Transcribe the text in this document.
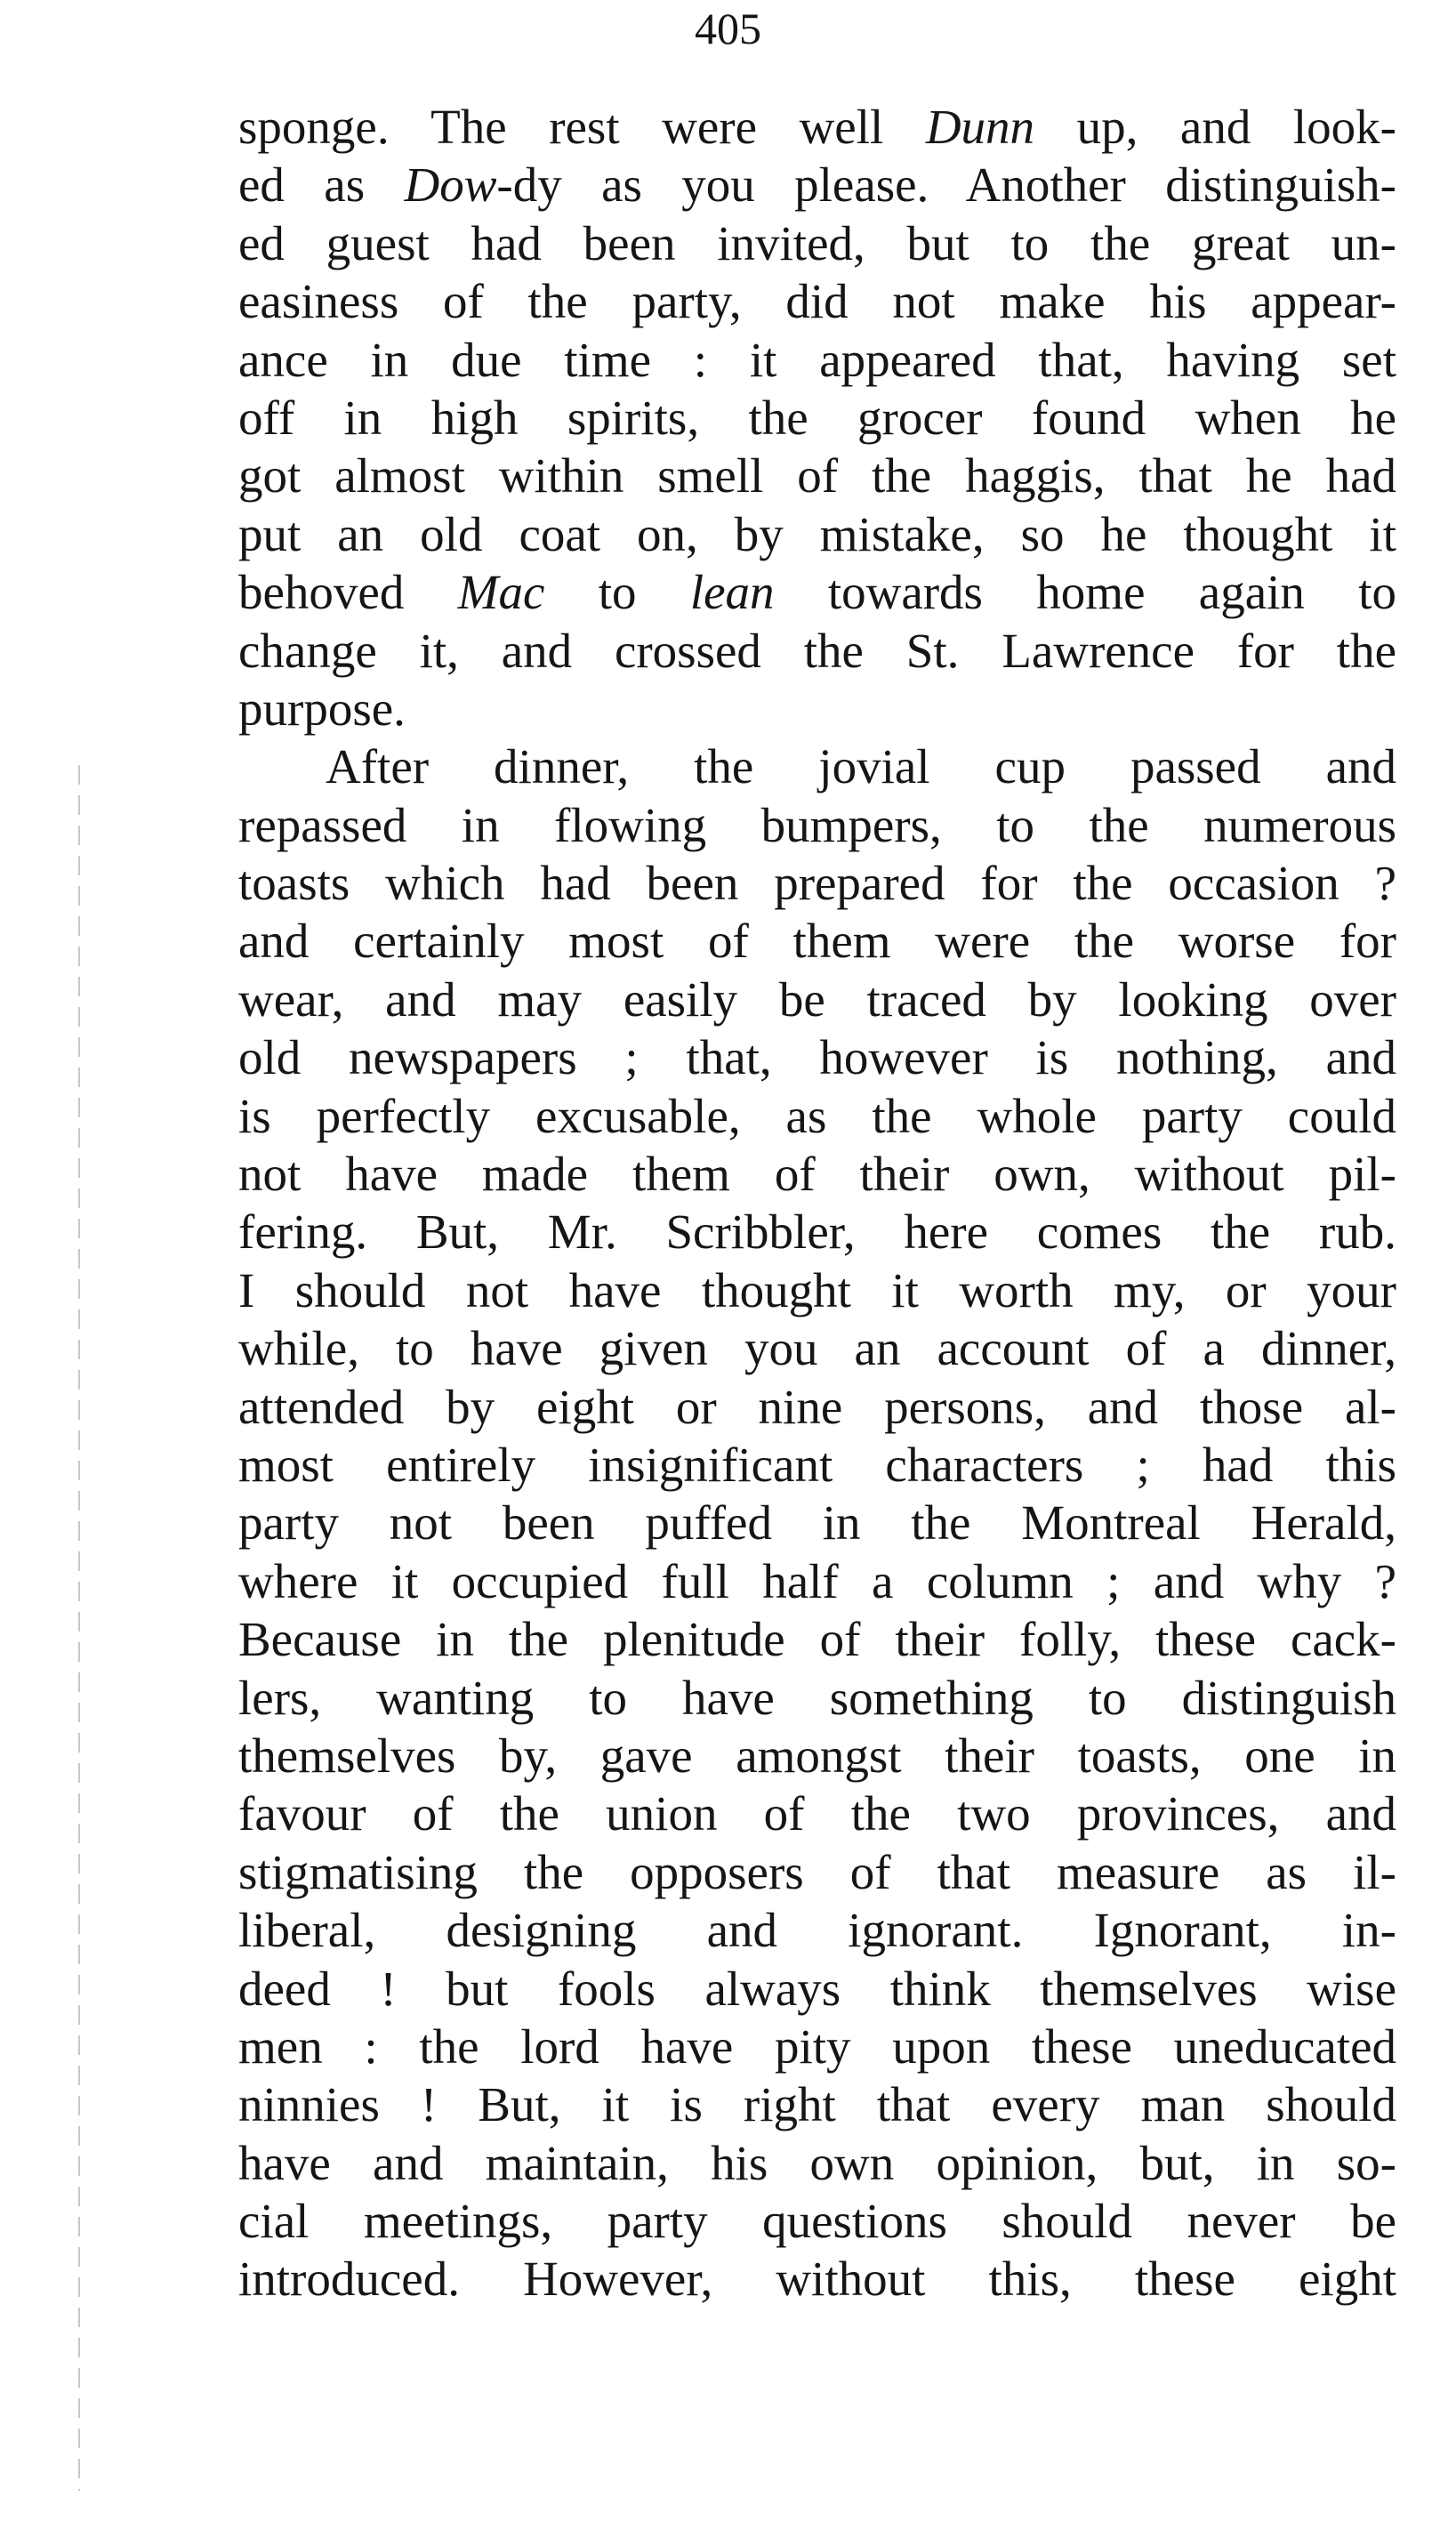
405
sponge. The rest were well Dunn up, and look-
ed as Dow-dy as you please. Another distinguish-
ed guest had been invited, but to the great un-
easiness of the party, did not make his appear-
ance in due time : it appeared that, having set
off in high spirits, the grocer found when he
got almost within smell of the haggis, that he had
put an old coat on, by mistake, so he thought it
behoved Mac to lean towards home again to
change it, and crossed the St. Lawrence for the
purpose.
After dinner, the jovial cup passed and
repassed in flowing bumpers, to the numerous
toasts which had been prepared for the occasion ?
and certainly most of them were the worse for
wear, and may easily be traced by looking over
old newspapers ; that, however is nothing, and
is perfectly excusable, as the whole party could
not have made them of their own, without pil-
fering. But, Mr. Scribbler, here comes the rub.
I should not have thought it worth my, or your
while, to have given you an account of a dinner,
attended by eight or nine persons, and those al-
most entirely insignificant characters ; had this
party not been puffed in the Montreal Herald,
where it occupied full half a column ; and why ?
Because in the plenitude of their folly, these cack-
lers, wanting to have something to distinguish
themselves by, gave amongst their toasts, one in
favour of the union of the two provinces, and
stigmatising the opposers of that measure as il-
liberal, designing and ignorant. Ignorant, in-
deed ! but fools always think themselves wise
men : the lord have pity upon these uneducated
ninnies ! But, it is right that every man should
have and maintain, his own opinion, but, in so-
cial meetings, party questions should never be
introduced. However, without this, these eight
